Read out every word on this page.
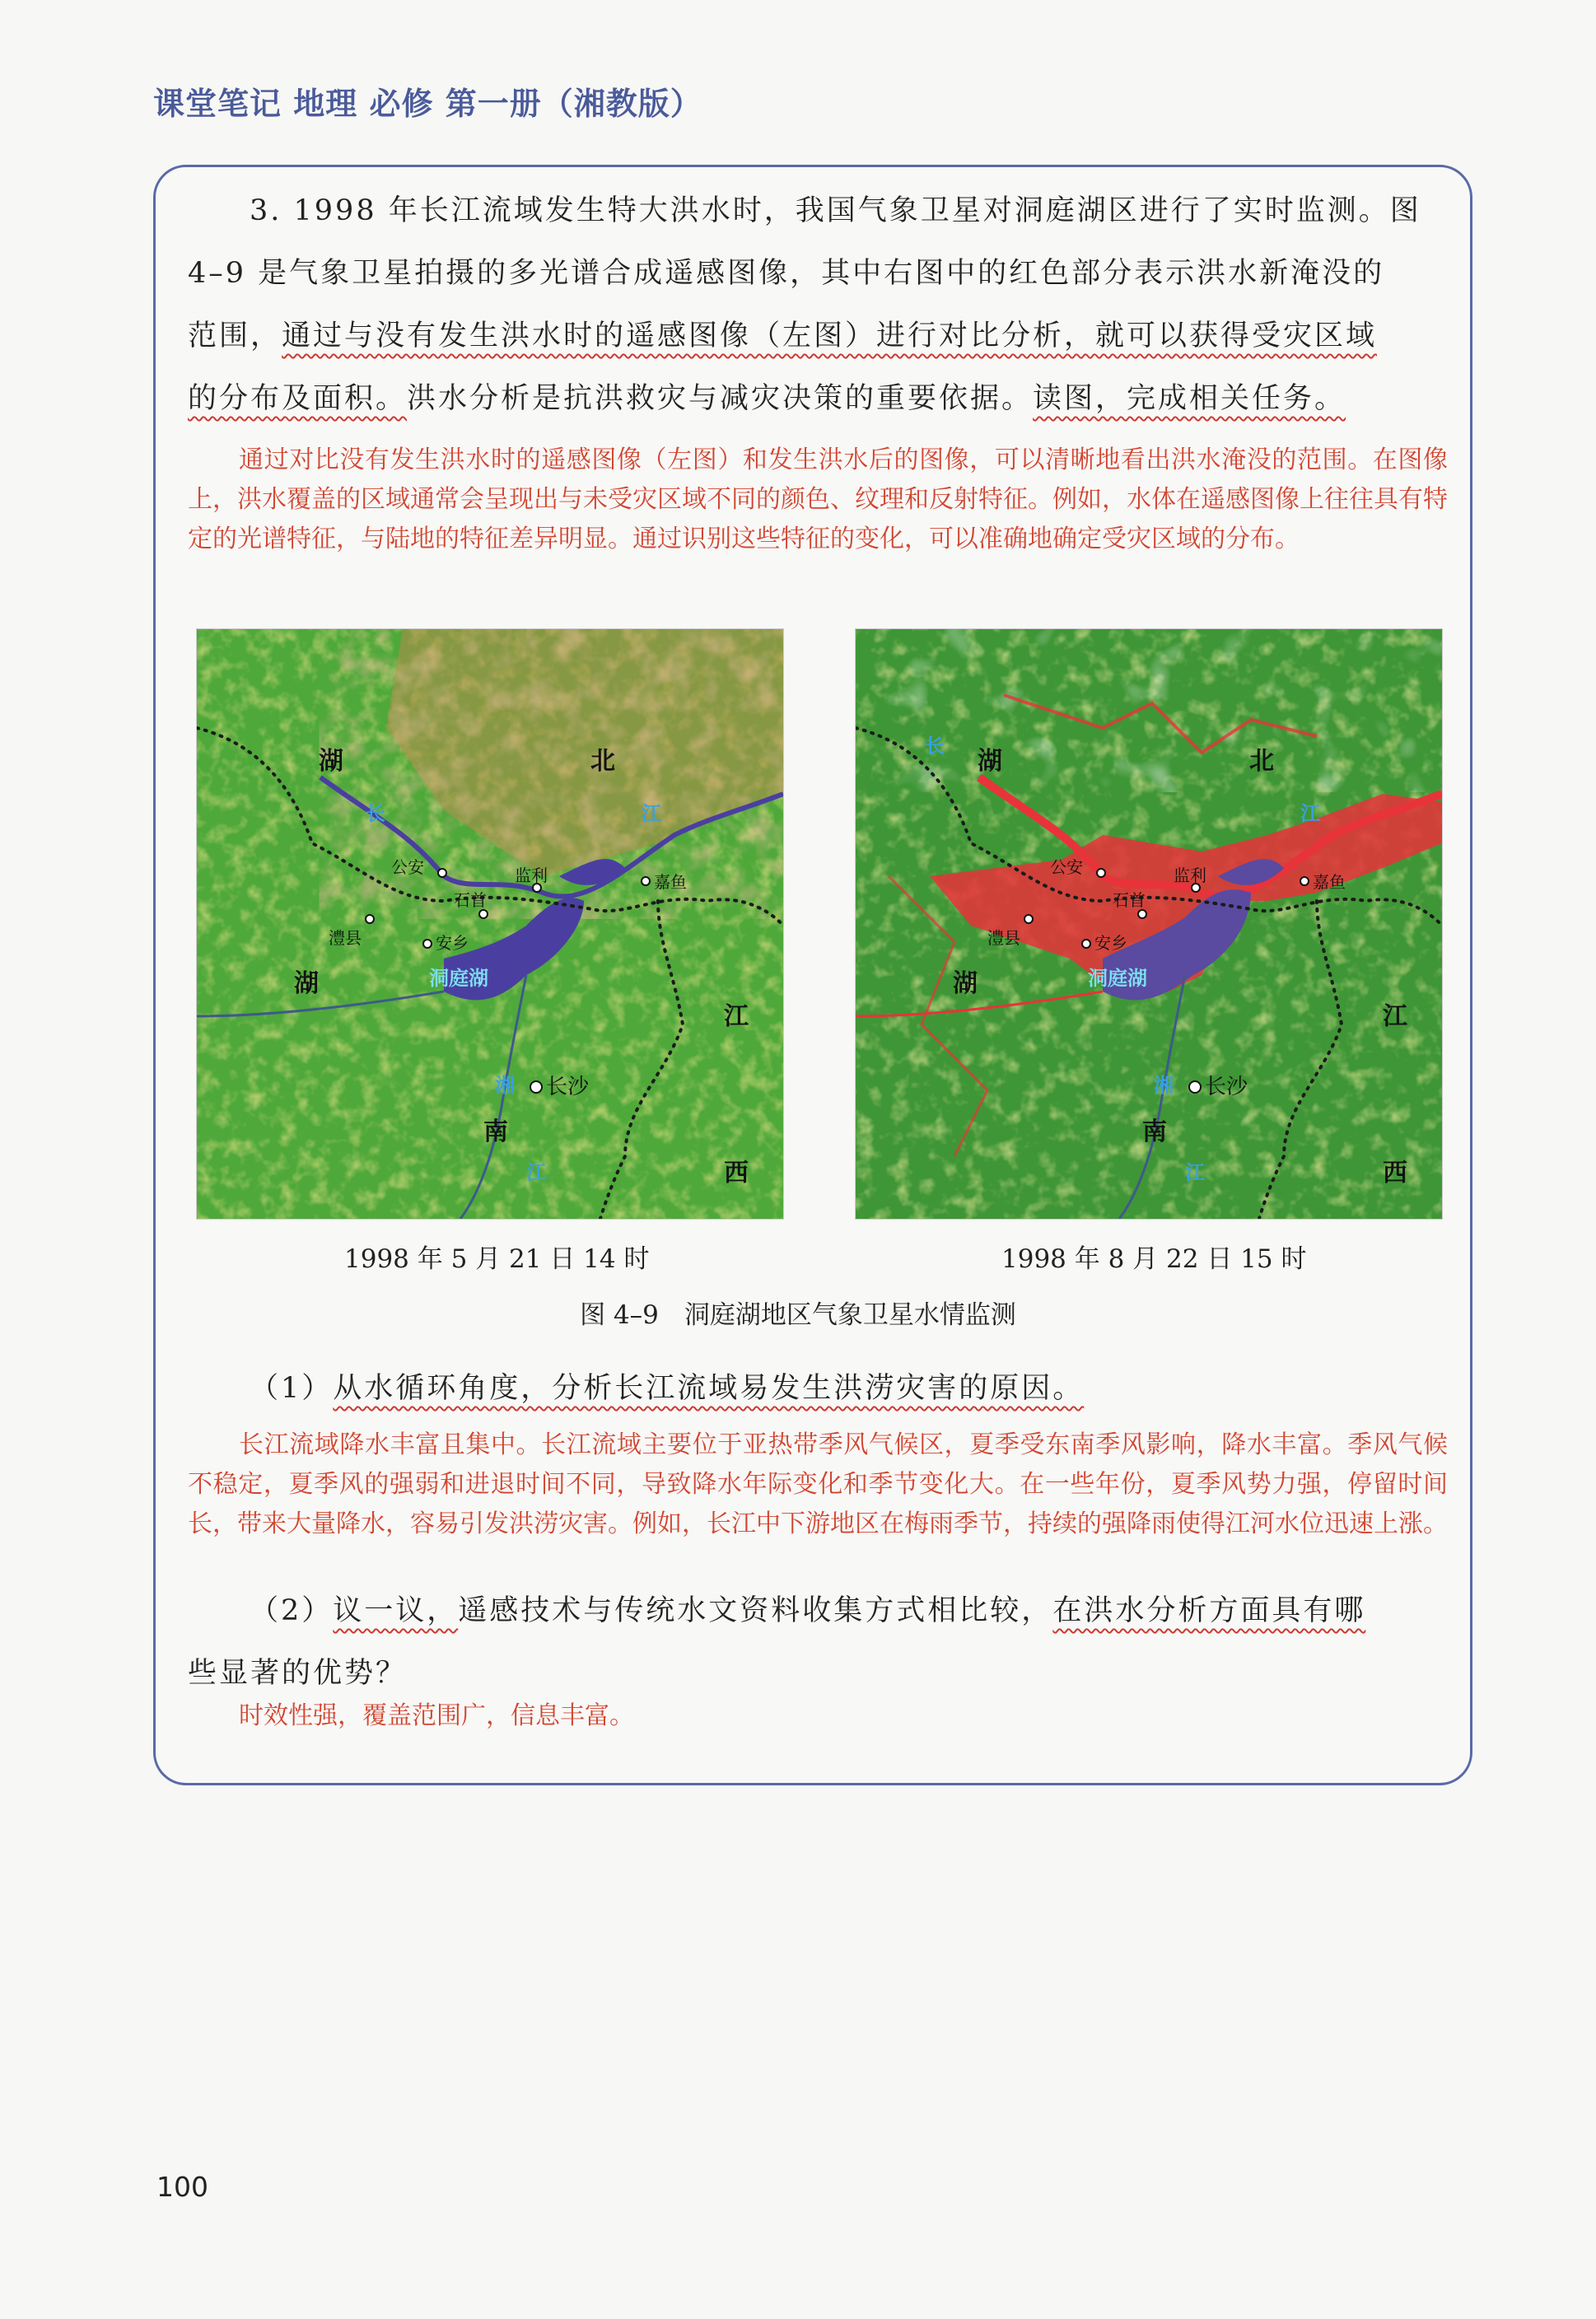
课堂笔记 地理 必修 第一册（湘教版）
3. 1998 年长江流域发生特大洪水时，我国气象卫星对洞庭湖区进行了实时监测。图
4–9 是气象卫星拍摄的多光谱合成遥感图像，其中右图中的红色部分表示洪水新淹没的
范围，通过与没有发生洪水时的遥感图像（左图）进行对比分析，就可以获得受灾区域
的分布及面积。洪水分析是抗洪救灾与减灾决策的重要依据。读图，完成相关任务。
通过对比没有发生洪水时的遥感图像（左图）和发生洪水后的图像，可以清晰地看出洪水淹没的范围。在图像上，洪水覆盖的区域通常会呈现出与未受灾区域不同的颜色、纹理和反射特征。例如，水体在遥感图像上往往具有特定的光谱特征，与陆地的特征差异明显。通过识别这些特征的变化，可以准确地确定受灾区域的分布。
湖	北
长	江
公安	监利	嘉鱼
石首
澧县	安乡
洞庭湖
湖
江
湘 长沙
南
江	西
湖	北
长
江
公安	监利	嘉鱼
石首
澧县	安乡
洞庭湖
湖
江
湘 长沙
南
江	西
1998 年 5 月 21 日 14 时	1998 年 8 月 22 日 15 时
图 4–9　洞庭湖地区气象卫星水情监测
（1）从水循环角度，分析长江流域易发生洪涝灾害的原因。
长江流域降水丰富且集中。长江流域主要位于亚热带季风气候区，夏季受东南季风影响，降水丰富。季风气候不稳定，夏季风的强弱和进退时间不同，导致降水年际变化和季节变化大。在一些年份，夏季风势力强，停留时间长，带来大量降水，容易引发洪涝灾害。例如，长江中下游地区在梅雨季节，持续的强降雨使得江河水位迅速上涨。
（2）议一议，遥感技术与传统水文资料收集方式相比较，在洪水分析方面具有哪
些显著的优势？
时效性强，覆盖范围广，信息丰富。
100
